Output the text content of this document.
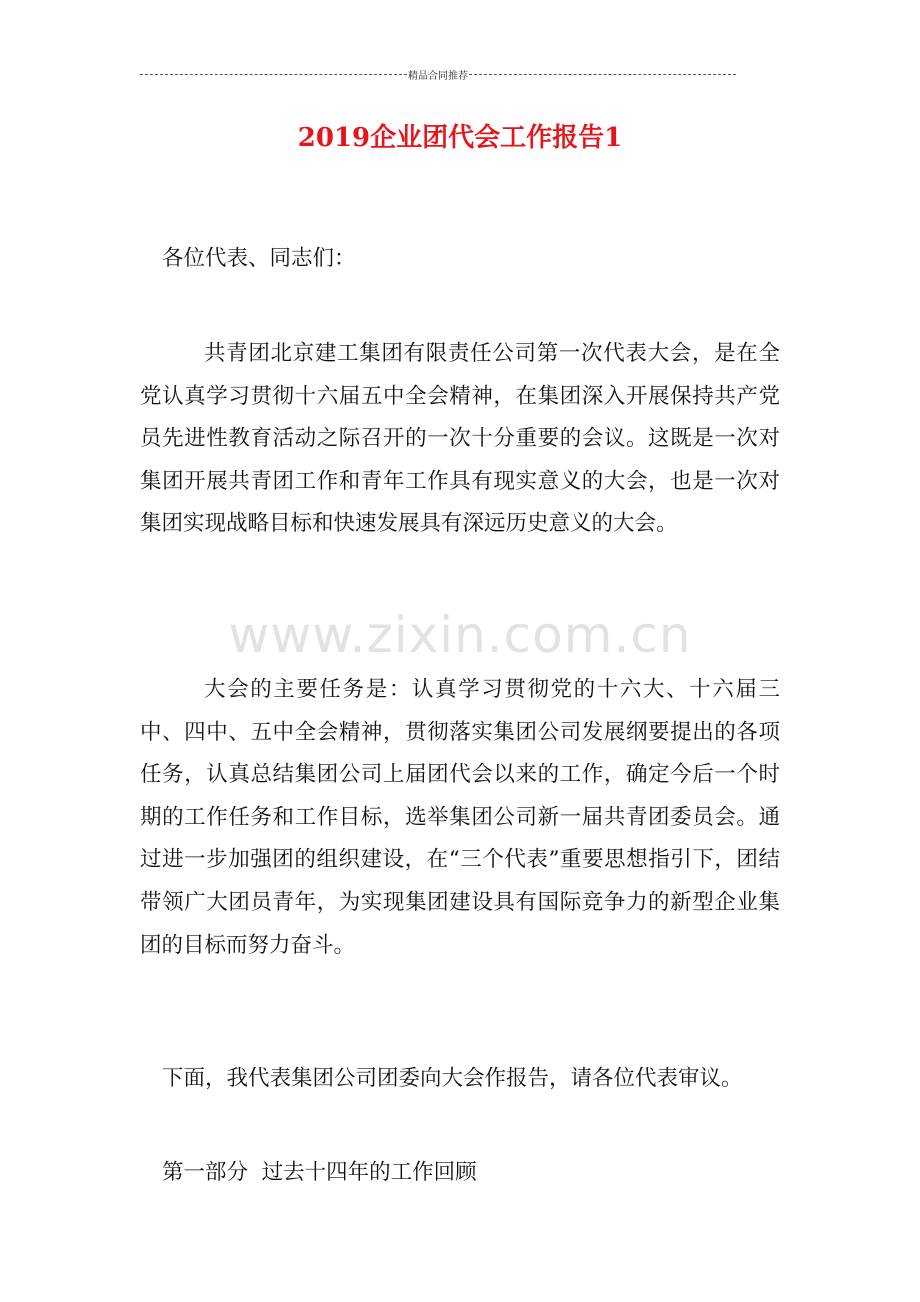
精品合同推荐
2019企业团代会工作报告1

各位代表、同志们：

共青团北京建工集团有限责任公司第一次代表大会，是在全党认真学习贯彻十六届五中全会精神，在集团深入开展保持共产党员先进性教育活动之际召开的一次十分重要的会议。这既是一次对集团开展共青团工作和青年工作具有现实意义的大会，也是一次对集团实现战略目标和快速发展具有深远历史意义的大会。

www.zixin.com.cn

大会的主要任务是：认真学习贯彻党的十六大、十六届三中、四中、五中全会精神，贯彻落实集团公司发展纲要提出的各项任务，认真总结集团公司上届团代会以来的工作，确定今后一个时期的工作任务和工作目标，选举集团公司新一届共青团委员会。通过进一步加强团的组织建设，在“三个代表”重要思想指引下，团结带领广大团员青年，为实现集团建设具有国际竞争力的新型企业集团的目标而努力奋斗。

下面，我代表集团公司团委向大会作报告，请各位代表审议。

第一部分  过去十四年的工作回顾
